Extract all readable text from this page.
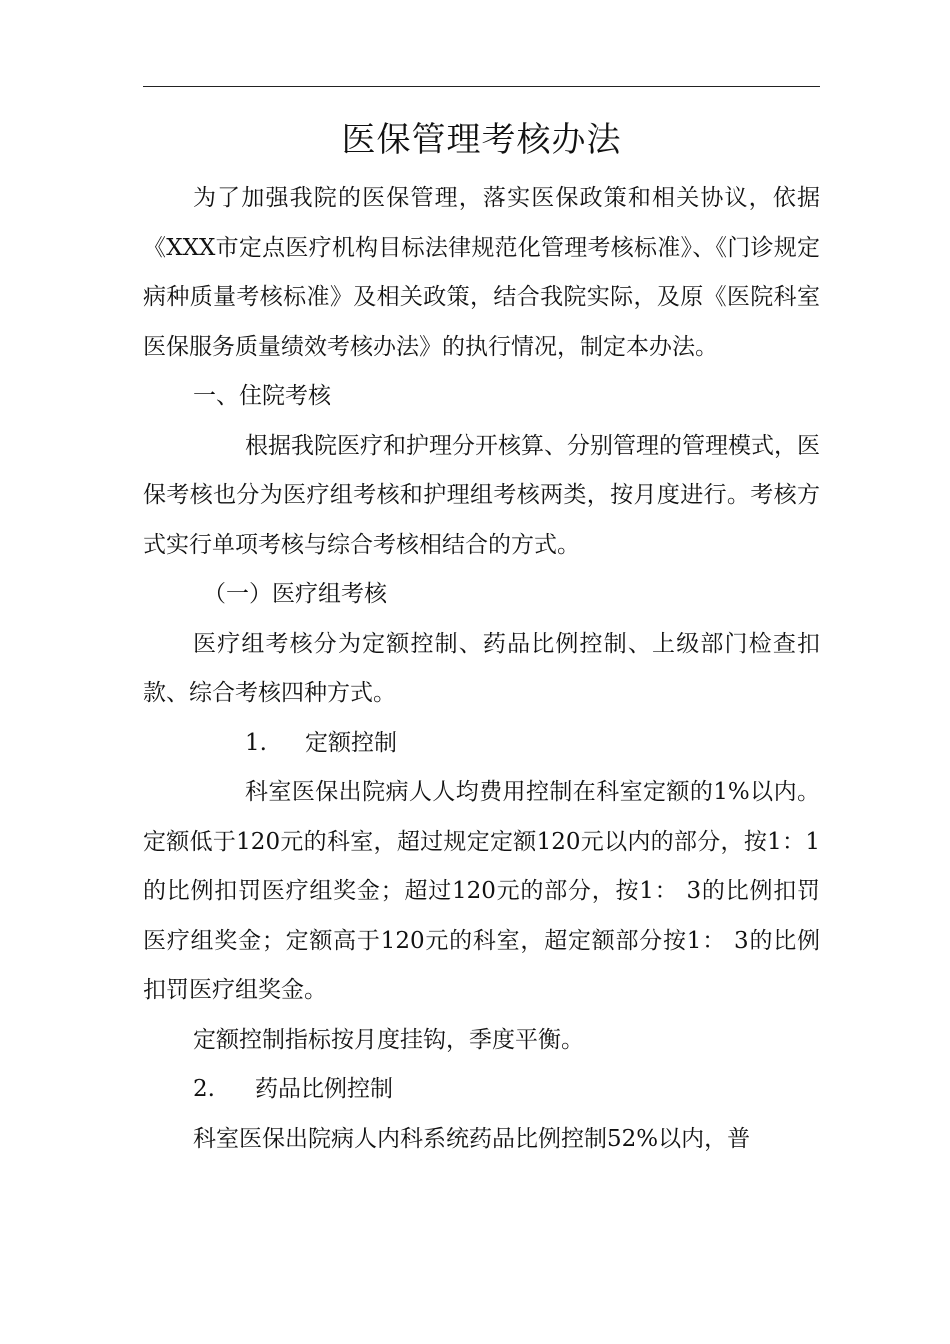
医保管理考核办法

为了加强我院的医保管理，落实医保政策和相关协议，依据《XXX市定点医疗机构目标法律规范化管理考核标准》、《门诊规定病种质量考核标准》及相关政策，结合我院实际，及原《医院科室医保服务质量绩效考核办法》的执行情况，制定本办法。

一、住院考核

根据我院医疗和护理分开核算、分别管理的管理模式，医保考核也分为医疗组考核和护理组考核两类，按月度进行。考核方式实行单项考核与综合考核相结合的方式。

（一）医疗组考核

医疗组考核分为定额控制、药品比例控制、上级部门检查扣款、综合考核四种方式。

1. 定额控制

科室医保出院病人人均费用控制在科室定额的1%以内。定额低于120元的科室，超过规定定额120元以内的部分，按1：1的比例扣罚医疗组奖金；超过120元的部分，按1： 3的比例扣罚医疗组奖金；定额高于120元的科室，超定额部分按1： 3的比例扣罚医疗组奖金。

定额控制指标按月度挂钩，季度平衡。

2. 药品比例控制

科室医保出院病人内科系统药品比例控制52%以内，普
